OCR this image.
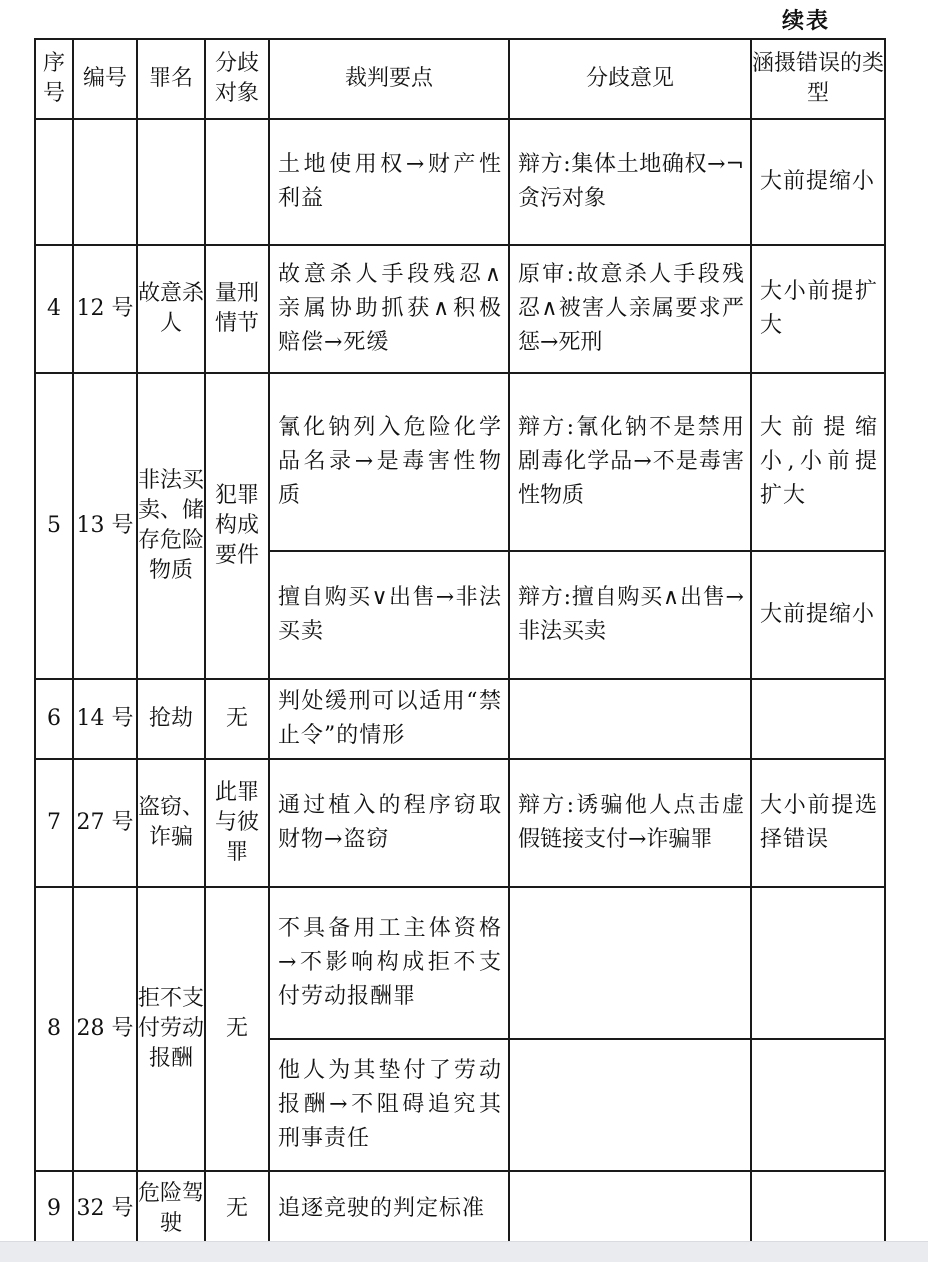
续表
序号	编号	罪名	分歧对象	裁判要点	分歧意见	涵摄错误的类型
				土地使用权→财产性利益	辩方:集体土地确权→¬ 贪污对象	大前提缩小
4	12 号	故意杀人	量刑情节	故意杀人手段残忍∧亲属协助抓获∧积极赔偿→死缓	原审:故意杀人手段残忍∧被害人亲属要求严惩→死刑	大小前提扩大
5	13 号	非法买卖、储存危险物质	犯罪构成要件	氰化钠列入危险化学品名录→是毒害性物质	辩方:氰化钠不是禁用剧毒化学品→不是毒害性物质	大前提缩小,小前提扩大
				擅自购买∨出售→非法买卖	辩方:擅自购买∧出售→非法买卖	大前提缩小
6	14 号	抢劫	无	判处缓刑可以适用“禁止令”的情形		
7	27 号	盗窃、诈骗	此罪与彼罪	通过植入的程序窃取财物→盗窃	辩方:诱骗他人点击虚假链接支付→诈骗罪	大小前提选择错误
8	28 号	拒不支付劳动报酬	无	不具备用工主体资格→不影响构成拒不支付劳动报酬罪		
				他人为其垫付了劳动报酬→不阻碍追究其刑事责任		
9	32 号	危险驾驶	无	追逐竞驶的判定标准		
